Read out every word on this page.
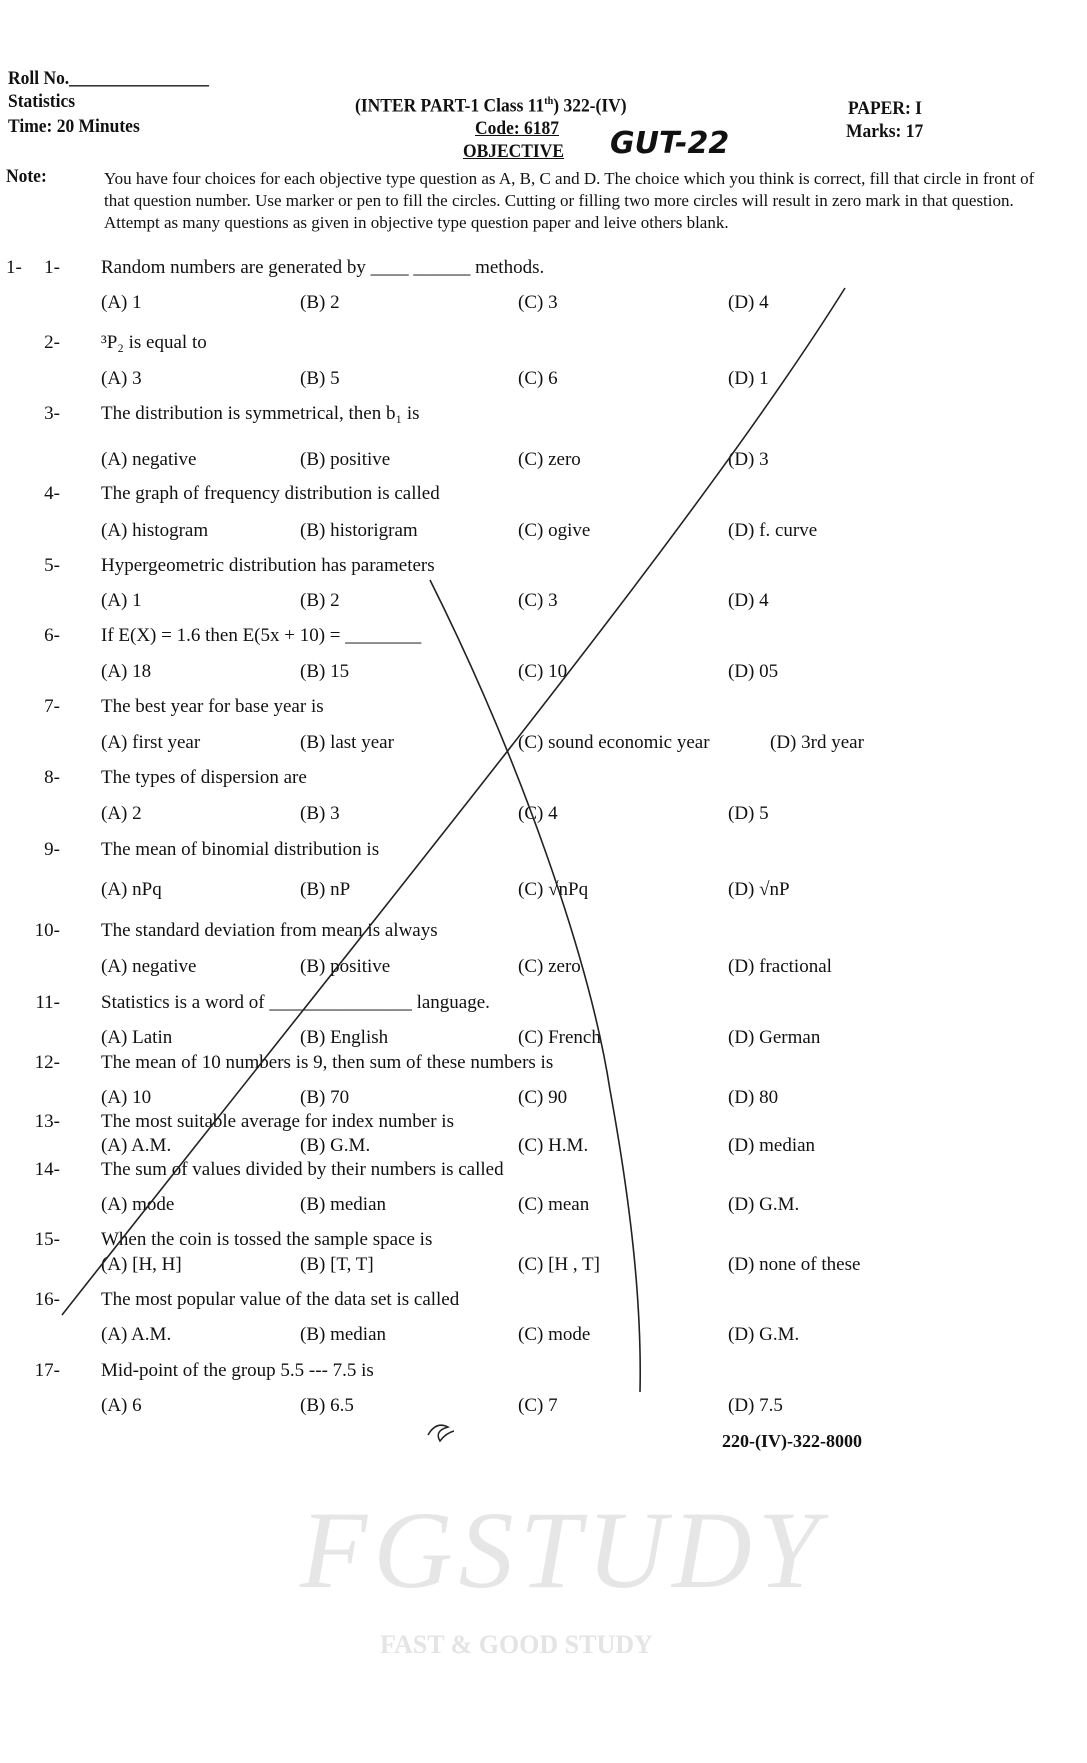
FGSTUDY
FAST & GOOD STUDY
Roll No.________________
Statistics
Time: 20 Minutes
(INTER PART-1 Class 11th) 322-(IV)
Code: 6187
OBJECTIVE GUT-22
PAPER: I
Marks: 17
Note:	You have four choices for each objective type question as A, B, C and D. The choice which you think is correct, fill that circle in front of that question number. Use marker or pen to fill the circles. Cutting or filling two more circles will result in zero mark in that question. Attempt as many questions as given in objective type question paper and leive others blank.
1-	1- Random numbers are generated by ____ ______ methods.
(A) 1	(B) 2	(C) 3	(D) 4
2- ³P₂ is equal to
(A) 3	(B) 5	(C) 6	(D) 1
3- The distribution is symmetrical, then b₁ is
(A) negative	(B) positive	(C) zero	(D) 3
4- The graph of frequency distribution is called
(A) histogram	(B) historigram	(C) ogive	(D) f. curve
5- Hypergeometric distribution has parameters
(A) 1	(B) 2	(C) 3	(D) 4
6- If E(X) = 1.6 then E(5x + 10) = ________
(A) 18	(B) 15	(C) 10	(D) 05
7- The best year for base year is
(A) first year	(B) last year	(C) sound economic year	(D) 3rd year
8- The types of dispersion are
(A) 2	(B) 3	(C) 4	(D) 5
9- The mean of binomial distribution is
(A) nPq	(B) nP	(C) √nPq	(D) √nP
10- The standard deviation from mean is always
(A) negative	(B) positive	(C) zero	(D) fractional
11- Statistics is a word of _______________ language.
(A) Latin	(B) English	(C) French	(D) German
12- The mean of 10 numbers is 9, then sum of these numbers is
(A) 10	(B) 70	(C) 90	(D) 80
13- The most suitable average for index number is
(A) A.M.	(B) G.M.	(C) H.M.	(D) median
14- The sum of values divided by their numbers is called
(A) mode	(B) median	(C) mean	(D) G.M.
15- When the coin is tossed the sample space is
(A) [H, H]	(B) [T, T]	(C) [H , T]	(D) none of these
16- The most popular value of the data set is called
(A) A.M.	(B) median	(C) mode	(D) G.M.
17- Mid-point of the group 5.5 --- 7.5 is
(A) 6	(B) 6.5	(C) 7	(D) 7.5
220-(IV)-322-8000
